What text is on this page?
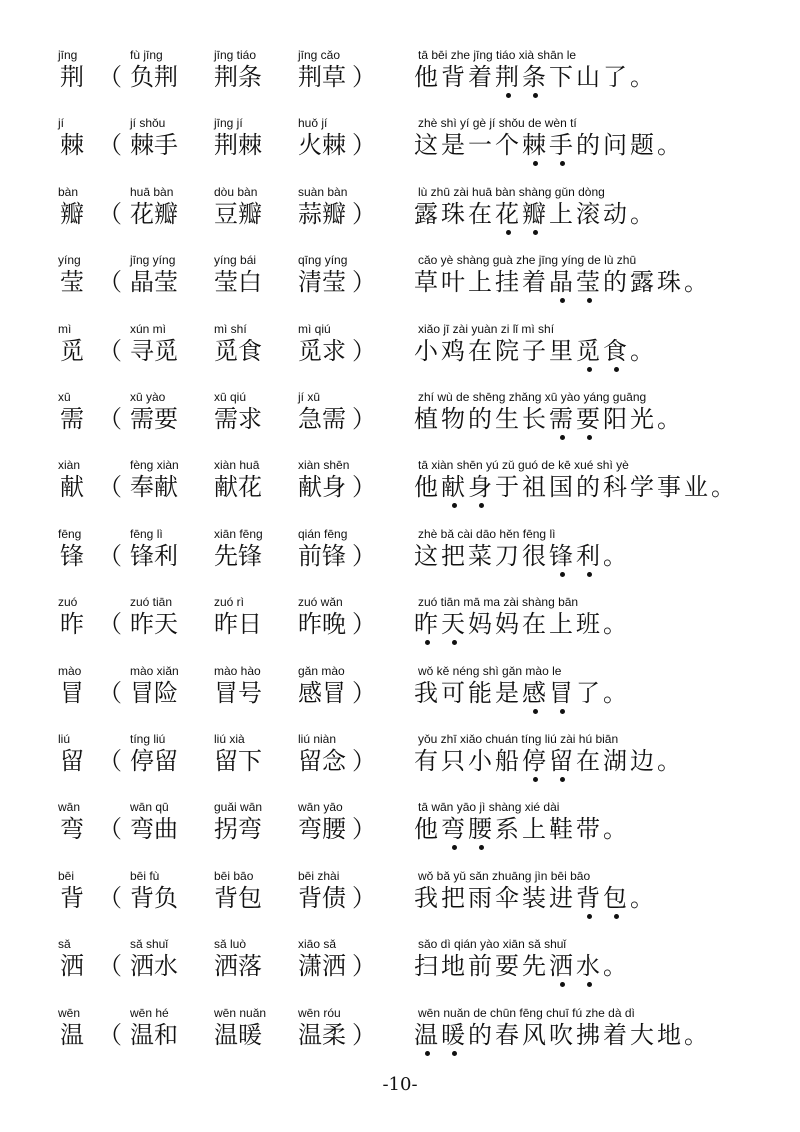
jīng
荆 （
fù jīng
负荆
jīng tiáo
荆条
jīng cǎo
荆草 ）
tā bēi zhe jīng tiáo xià shān le
他背着荆条下山了。
jí
棘 （
jí shǒu
棘手
jīng jí
荆棘
huǒ jí
火棘 ）
zhè shì yí gè jí shǒu de wèn tí
这是一个棘手的问题。
bàn
瓣 （
huā bàn
花瓣
dòu bàn
豆瓣
suàn bàn
蒜瓣 ）
lù zhū zài huā bàn shàng gǔn dòng
露珠在花瓣上滚动。
yíng
莹 （
jīng yíng
晶莹
yíng bái
莹白
qīng yíng
清莹 ）
cǎo yè shàng guà zhe jīng yíng de lù zhū
草叶上挂着晶莹的露珠。
mì
觅 （
xún mì
寻觅
mì shí
觅食
mì qiú
觅求 ）
xiǎo jī zài yuàn zi lǐ mì shí
小鸡在院子里觅食。
xū
需 （
xū yào
需要
xū qiú
需求
jí xū
急需 ）
zhí wù de shēng zhǎng xū yào yáng guāng
植物的生长需要阳光。
xiàn
献 （
fèng xiàn
奉献
xiàn huā
献花
xiàn shēn
献身 ）
tā xiàn shēn yú zǔ guó de kē xué shì yè
他献身于祖国的科学事业。
fēng
锋 （
fēng lì
锋利
xiān fēng
先锋
qián fēng
前锋 ）
zhè bǎ cài dāo hěn fēng lì
这把菜刀很锋利。
zuó
昨 （
zuó tiān
昨天
zuó rì
昨日
zuó wǎn
昨晚 ）
zuó tiān mā ma zài shàng bān
昨天妈妈在上班。
mào
冒 （
mào xiǎn
冒险
mào hào
冒号
gǎn mào
感冒 ）
wǒ kě néng shì gǎn mào le
我可能是感冒了。
liú
留 （
tíng liú
停留
liú xià
留下
liú niàn
留念 ）
yǒu zhī xiǎo chuán tíng liú zài hú biān
有只小船停留在湖边。
wān
弯 （
wān qū
弯曲
guǎi wān
拐弯
wān yāo
弯腰 ）
tā wān yāo jì shàng xié dài
他弯腰系上鞋带。
bēi
背 （
bēi fù
背负
bēi bāo
背包
bēi zhài
背债 ）
wǒ bǎ yǔ sǎn zhuāng jìn bēi bāo
我把雨伞装进背包。
sǎ
洒 （
sǎ shuǐ
洒水
sǎ luò
洒落
xiāo sǎ
潇洒 ）
sǎo dì qián yào xiān sǎ shuǐ
扫地前要先洒水。
wēn
温 （
wēn hé
温和
wēn nuǎn
温暖
wēn róu
温柔 ）
wēn nuǎn de chūn fēng chuī fú zhe dà dì
温暖的春风吹拂着大地。
-10-
